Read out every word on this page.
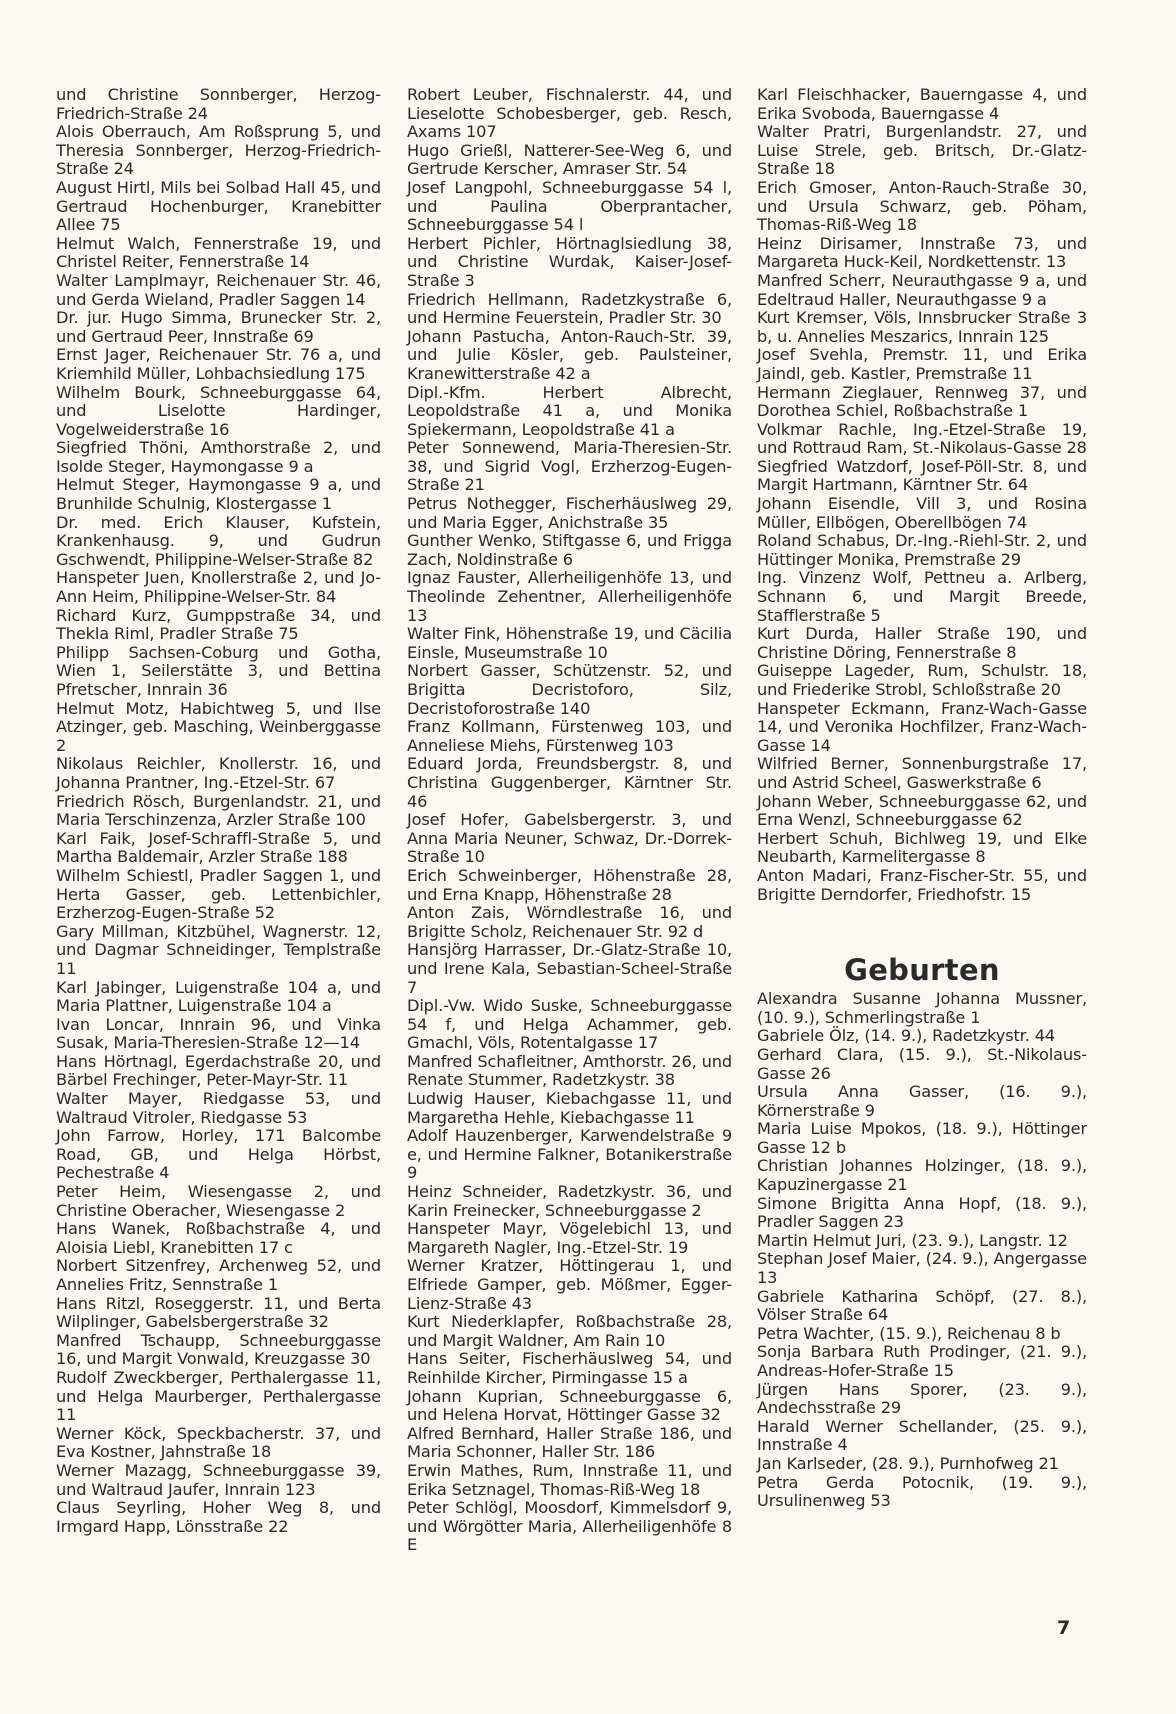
und Christine Sonnberger, Herzog-Friedrich-Straße 24

Alois Oberrauch, Am Roßsprung 5, und Theresia Sonnberger, Herzog-Friedrich-Straße 24

August Hirtl, Mils bei Solbad Hall 45, und Gertraud Hochenburger, Kranebitter Allee 75

Helmut Walch, Fennerstraße 19, und Christel Reiter, Fennerstraße 14

Walter Lamplmayr, Reichenauer Str. 46, und Gerda Wieland, Pradler Saggen 14

Dr. jur. Hugo Simma, Brunecker Str. 2, und Gertraud Peer, Innstraße 69

Ernst Jager, Reichenauer Str. 76 a, und Kriemhild Müller, Lohbachsiedlung 175

Wilhelm Bourk, Schneeburggasse 64, und Liselotte Hardinger, Vogelweiderstraße 16

Siegfried Thöni, Amthorstraße 2, und Isolde Steger, Haymongasse 9 a

Helmut Steger, Haymongasse 9 a, und Brunhilde Schulnig, Klostergasse 1

Dr. med. Erich Klauser, Kufstein, Krankenhausg. 9, und Gudrun Gschwendt, Philippine-Welser-Straße 82

Hanspeter Juen, Knollerstraße 2, und Jo-Ann Heim, Philippine-Welser-Str. 84

Richard Kurz, Gumppstraße 34, und Thekla Riml, Pradler Straße 75

Philipp Sachsen-Coburg und Gotha, Wien 1, Seilerstätte 3, und Bettina Pfretscher, Innrain 36

Helmut Motz, Habichtweg 5, und Ilse Atzinger, geb. Masching, Weinberggasse 2

Nikolaus Reichler, Knollerstr. 16, und Johanna Prantner, Ing.-Etzel-Str. 67

Friedrich Rösch, Burgenlandstr. 21, und Maria Terschinzenza, Arzler Straße 100

Karl Faik, Josef-Schraffl-Straße 5, und Martha Baldemair, Arzler Straße 188

Wilhelm Schiestl, Pradler Saggen 1, und Herta Gasser, geb. Lettenbichler, Erzherzog-Eugen-Straße 52

Gary Millman, Kitzbühel, Wagnerstr. 12, und Dagmar Schneidinger, Templstraße 11

Karl Jabinger, Luigenstraße 104 a, und Maria Plattner, Luigenstraße 104 a

Ivan Loncar, Innrain 96, und Vinka Susak, Maria-Theresien-Straße 12—14

Hans Hörtnagl, Egerdachstraße 20, und Bärbel Frechinger, Peter-Mayr-Str. 11

Walter Mayer, Riedgasse 53, und Waltraud Vitroler, Riedgasse 53

John Farrow, Horley, 171 Balcombe Road, GB, und Helga Hörbst, Pechestraße 4

Peter Heim, Wiesengasse 2, und Christine Oberacher, Wiesengasse 2

Hans Wanek, Roßbachstraße 4, und Aloisia Liebl, Kranebitten 17 c

Norbert Sitzenfrey, Archenweg 52, und Annelies Fritz, Sennstraße 1

Hans Ritzl, Roseggerstr. 11, und Berta Wilplinger, Gabelsbergerstraße 32

Manfred Tschaupp, Schneeburggasse 16, und Margit Vonwald, Kreuzgasse 30

Rudolf Zweckberger, Perthalergasse 11, und Helga Maurberger, Perthalergasse 11

Werner Köck, Speckbacherstr. 37, und Eva Kostner, Jahnstraße 18

Werner Mazagg, Schneeburggasse 39, und Waltraud Jaufer, Innrain 123

Claus Seyrling, Hoher Weg 8, und Irmgard Happ, Lönsstraße 22

Robert Leuber, Fischnalerstr. 44, und Lieselotte Schobesberger, geb. Resch, Axams 107

Hugo Grießl, Natterer-See-Weg 6, und Gertrude Kerscher, Amraser Str. 54

Josef Langpohl, Schneeburggasse 54 l, und Paulina Oberprantacher, Schneeburggasse 54 l

Herbert Pichler, Hörtnaglsiedlung 38, und Christine Wurdak, Kaiser-Josef-Straße 3

Friedrich Hellmann, Radetzkystraße 6, und Hermine Feuerstein, Pradler Str. 30

Johann Pastucha, Anton-Rauch-Str. 39, und Julie Kösler, geb. Paulsteiner, Kranewitterstraße 42 a

Dipl.-Kfm. Herbert Albrecht, Leopoldstraße 41 a, und Monika Spiekermann, Leopoldstraße 41 a

Peter Sonnewend, Maria-Theresien-Str. 38, und Sigrid Vogl, Erzherzog-Eugen-Straße 21

Petrus Nothegger, Fischerhäuslweg 29, und Maria Egger, Anichstraße 35

Gunther Wenko, Stiftgasse 6, und Frigga Zach, Noldinstraße 6

Ignaz Fauster, Allerheiligenhöfe 13, und Theolinde Zehentner, Allerheiligenhöfe 13

Walter Fink, Höhenstraße 19, und Cäcilia Einsle, Museumstraße 10

Norbert Gasser, Schützenstr. 52, und Brigitta Decristoforo, Silz, Decristoforostraße 140

Franz Kollmann, Fürstenweg 103, und Anneliese Miehs, Fürstenweg 103

Eduard Jorda, Freundsbergstr. 8, und Christina Guggenberger, Kärntner Str. 46

Josef Hofer, Gabelsbergerstr. 3, und Anna Maria Neuner, Schwaz, Dr.-Dorrek-Straße 10

Erich Schweinberger, Höhenstraße 28, und Erna Knapp, Höhenstraße 28

Anton Zais, Wörndlestraße 16, und Brigitte Scholz, Reichenauer Str. 92 d

Hansjörg Harrasser, Dr.-Glatz-Straße 10, und Irene Kala, Sebastian-Scheel-Straße 7

Dipl.-Vw. Wido Suske, Schneeburggasse 54 f, und Helga Achammer, geb. Gmachl, Völs, Rotentalgasse 17

Manfred Schafleitner, Amthorstr. 26, und Renate Stummer, Radetzkystr. 38

Ludwig Hauser, Kiebachgasse 11, und Margaretha Hehle, Kiebachgasse 11

Adolf Hauzenberger, Karwendelstraße 9 e, und Hermine Falkner, Botanikerstraße 9

Heinz Schneider, Radetzkystr. 36, und Karin Freinecker, Schneeburggasse 2

Hanspeter Mayr, Vögelebichl 13, und Margareth Nagler, Ing.-Etzel-Str. 19

Werner Kratzer, Höttingerau 1, und Elfriede Gamper, geb. Mößmer, Egger-Lienz-Straße 43

Kurt Niederklapfer, Roßbachstraße 28, und Margit Waldner, Am Rain 10

Hans Seiter, Fischerhäuslweg 54, und Reinhilde Kircher, Pirmingasse 15 a

Johann Kuprian, Schneeburggasse 6, und Helena Horvat, Höttinger Gasse 32

Alfred Bernhard, Haller Straße 186, und Maria Schonner, Haller Str. 186

Erwin Mathes, Rum, Innstraße 11, und Erika Setznagel, Thomas-Riß-Weg 18

Peter Schlögl, Moosdorf, Kimmelsdorf 9, und Wörgötter Maria, Allerheiligenhöfe 8 E

Karl Fleischhacker, Bauerngasse 4, und Erika Svoboda, Bauerngasse 4

Walter Pratri, Burgenlandstr. 27, und Luise Strele, geb. Britsch, Dr.-Glatz-Straße 18

Erich Gmoser, Anton-Rauch-Straße 30, und Ursula Schwarz, geb. Pöham, Thomas-Riß-Weg 18

Heinz Dirisamer, Innstraße 73, und Margareta Huck-Keil, Nordkettenstr. 13

Manfred Scherr, Neurauthgasse 9 a, und Edeltraud Haller, Neurauthgasse 9 a

Kurt Kremser, Völs, Innsbrucker Straße 3 b, u. Annelies Meszarics, Innrain 125

Josef Svehla, Premstr. 11, und Erika Jaindl, geb. Kastler, Premstraße 11

Hermann Zieglauer, Rennweg 37, und Dorothea Schiel, Roßbachstraße 1

Volkmar Rachle, Ing.-Etzel-Straße 19, und Rottraud Ram, St.-Nikolaus-Gasse 28

Siegfried Watzdorf, Josef-Pöll-Str. 8, und Margit Hartmann, Kärntner Str. 64

Johann Eisendle, Vill 3, und Rosina Müller, Ellbögen, Oberellbögen 74

Roland Schabus, Dr.-Ing.-Riehl-Str. 2, und Hüttinger Monika, Premstraße 29

Ing. Vinzenz Wolf, Pettneu a. Arlberg, Schnann 6, und Margit Breede, Stafflerstraße 5

Kurt Durda, Haller Straße 190, und Christine Döring, Fennerstraße 8

Guiseppe Lageder, Rum, Schulstr. 18, und Friederike Strobl, Schloßstraße 20

Hanspeter Eckmann, Franz-Wach-Gasse 14, und Veronika Hochfilzer, Franz-Wach-Gasse 14

Wilfried Berner, Sonnenburgstraße 17, und Astrid Scheel, Gaswerkstraße 6

Johann Weber, Schneeburggasse 62, und Erna Wenzl, Schneeburggasse 62

Herbert Schuh, Bichlweg 19, und Elke Neubarth, Karmelitergasse 8

Anton Madari, Franz-Fischer-Str. 55, und Brigitte Derndorfer, Friedhofstr. 15

Geburten

Alexandra Susanne Johanna Mussner, (10. 9.), Schmerlingstraße 1

Gabriele Ölz, (14. 9.), Radetzkystr. 44

Gerhard Clara, (15. 9.), St.-Nikolaus-Gasse 26

Ursula Anna Gasser, (16. 9.), Körnerstraße 9

Maria Luise Mpokos, (18. 9.), Höttinger Gasse 12 b

Christian Johannes Holzinger, (18. 9.), Kapuzinergasse 21

Simone Brigitta Anna Hopf, (18. 9.), Pradler Saggen 23

Martin Helmut Juri, (23. 9.), Langstr. 12

Stephan Josef Maier, (24. 9.), Angergasse 13

Gabriele Katharina Schöpf, (27. 8.), Völser Straße 64

Petra Wachter, (15. 9.), Reichenau 8 b

Sonja Barbara Ruth Prodinger, (21. 9.), Andreas-Hofer-Straße 15

Jürgen Hans Sporer, (23. 9.), Andechsstraße 29

Harald Werner Schellander, (25. 9.), Innstraße 4

Jan Karlseder, (28. 9.), Purnhofweg 21

Petra Gerda Potocnik, (19. 9.), Ursulinenweg 53

7
